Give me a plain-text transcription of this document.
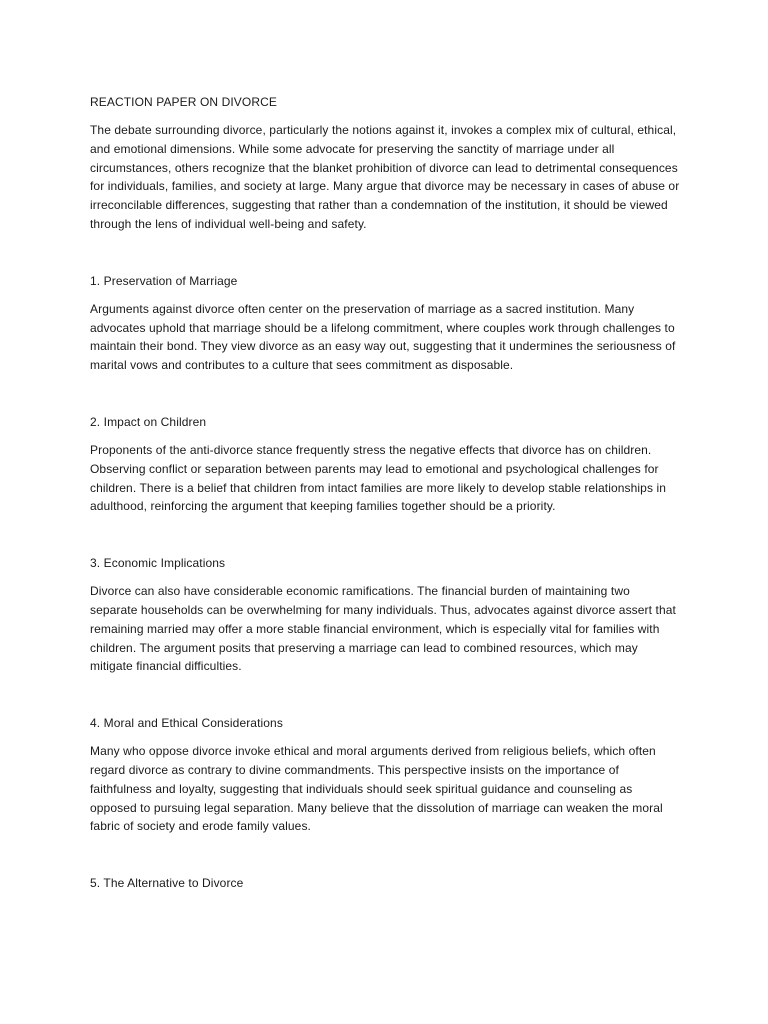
REACTION PAPER ON DIVORCE

The debate surrounding divorce, particularly the notions against it, invokes a complex mix of cultural, ethical, and emotional dimensions. While some advocate for preserving the sanctity of marriage under all circumstances, others recognize that the blanket prohibition of divorce can lead to detrimental consequences for individuals, families, and society at large. Many argue that divorce may be necessary in cases of abuse or irreconcilable differences, suggesting that rather than a condemnation of the institution, it should be viewed through the lens of individual well-being and safety.

1. Preservation of Marriage

Arguments against divorce often center on the preservation of marriage as a sacred institution. Many advocates uphold that marriage should be a lifelong commitment, where couples work through challenges to maintain their bond. They view divorce as an easy way out, suggesting that it undermines the seriousness of marital vows and contributes to a culture that sees commitment as disposable.

2. Impact on Children

Proponents of the anti-divorce stance frequently stress the negative effects that divorce has on children. Observing conflict or separation between parents may lead to emotional and psychological challenges for children. There is a belief that children from intact families are more likely to develop stable relationships in adulthood, reinforcing the argument that keeping families together should be a priority.

3. Economic Implications

Divorce can also have considerable economic ramifications. The financial burden of maintaining two separate households can be overwhelming for many individuals. Thus, advocates against divorce assert that remaining married may offer a more stable financial environment, which is especially vital for families with children. The argument posits that preserving a marriage can lead to combined resources, which may mitigate financial difficulties.

4. Moral and Ethical Considerations

Many who oppose divorce invoke ethical and moral arguments derived from religious beliefs, which often regard divorce as contrary to divine commandments. This perspective insists on the importance of faithfulness and loyalty, suggesting that individuals should seek spiritual guidance and counseling as opposed to pursuing legal separation. Many believe that the dissolution of marriage can weaken the moral fabric of society and erode family values.

5. The Alternative to Divorce
